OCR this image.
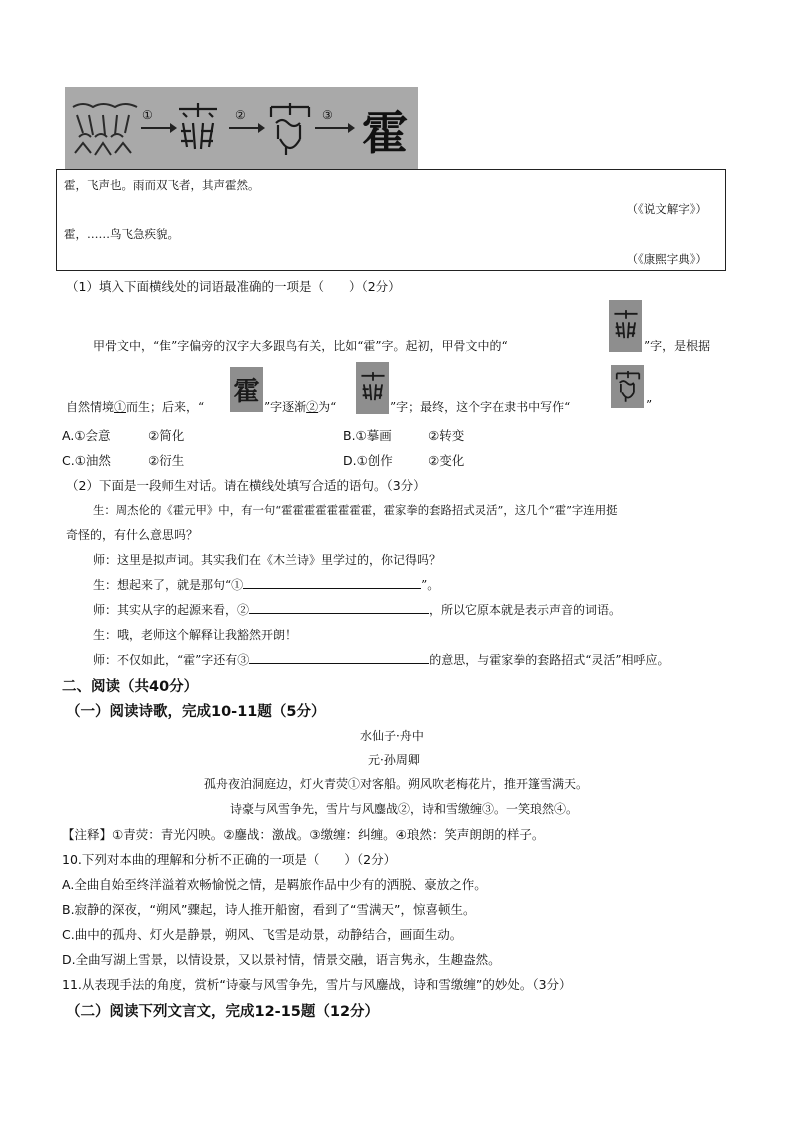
①	②	③ 霍
霍，飞声也。雨而双飞者，其声霍然。
（《说文解字》）
霍，……鸟飞急疾貌。
（《康熙字典》）
（1）填入下面横线处的词语最准确的一项是（　　）（2分）
甲骨文中，“隹”字偏旁的汉字大多跟鸟有关，比如“霍”字。起初，甲骨文中的“	”字，是根据
自然情境①而生；后来，“ 霍 ”字逐渐②为“	”字；最终，这个字在隶书中写作“	”
A.①会意	②简化	B.①摹画	②转变
C.①油然	②衍生	D.①创作	②变化
（2）下面是一段师生对话。请在横线处填写合适的语句。（3分）
生：周杰伦的《霍元甲》中，有一句“霍霍霍霍霍霍霍霍，霍家拳的套路招式灵活”，这几个“霍”字连用挺
奇怪的，有什么意思吗？
师：这里是拟声词。其实我们在《木兰诗》里学过的，你记得吗？
生：想起来了，就是那句“①	”。
师：其实从字的起源来看，②	，所以它原本就是表示声音的词语。
生：哦，老师这个解释让我豁然开朗！
师：不仅如此，“霍”字还有③	的意思，与霍家拳的套路招式“灵活”相呼应。
二、阅读（共40分）
（一）阅读诗歌，完成10-11题（5分）
水仙子·舟中
元·孙周卿
孤舟夜泊洞庭边，灯火青荧①对客船。朔风吹老梅花片，推开篷雪满天。
诗豪与风雪争先，雪片与风鏖战②，诗和雪缴缠③。一笑琅然④。
【注释】①青荧：青光闪映。②鏖战：激战。③缴缠：纠缠。④琅然：笑声朗朗的样子。
10.下列对本曲的理解和分析不正确的一项是（　　）（2分）
A.全曲自始至终洋溢着欢畅愉悦之情，是羁旅作品中少有的洒脱、豪放之作。
B.寂静的深夜，“朔风”骤起，诗人推开船窗，看到了“雪满天”，惊喜顿生。
C.曲中的孤舟、灯火是静景，朔风、飞雪是动景，动静结合，画面生动。
D.全曲写湖上雪景，以情设景，又以景衬情，情景交融，语言隽永，生趣盎然。
11.从表现手法的角度，赏析“诗豪与风雪争先，雪片与风鏖战，诗和雪缴缠”的妙处。（3分）
（二）阅读下列文言文，完成12-15题（12分）
